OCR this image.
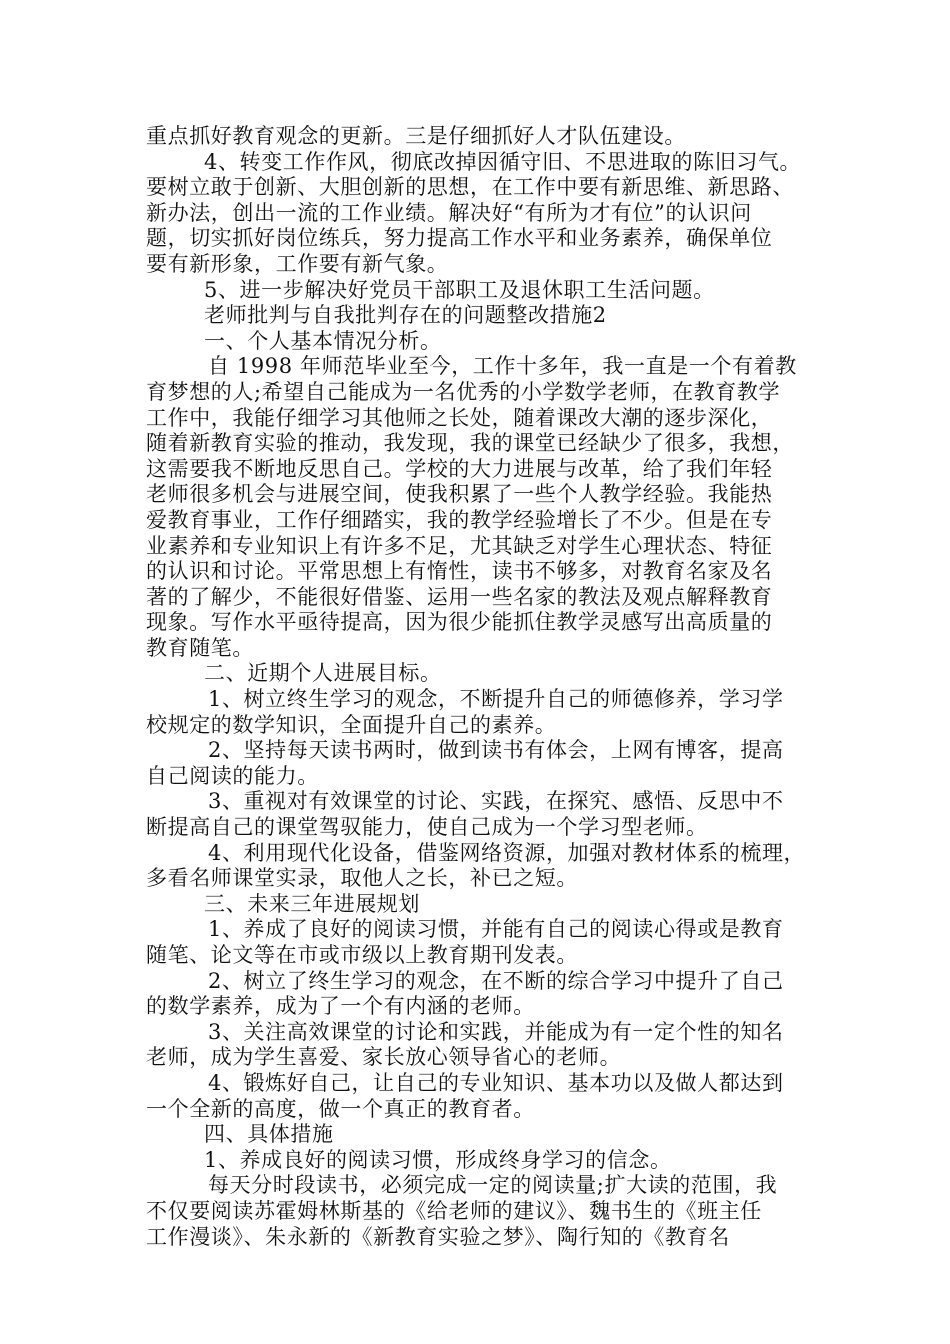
重点抓好教育观念的更新。三是仔细抓好人才队伍建设。
4、转变工作作风，彻底改掉因循守旧、不思进取的陈旧习气。
要树立敢于创新、大胆创新的思想，在工作中要有新思维、新思路、
新办法，创出一流的工作业绩。解决好“有所为才有位”的认识问
题，切实抓好岗位练兵，努力提高工作水平和业务素养，确保单位
要有新形象，工作要有新气象。
5、进一步解决好党员干部职工及退休职工生活问题。
老师批判与自我批判存在的问题整改措施2
一、个人基本情况分析。
自 1998 年师范毕业至今，工作十多年，我一直是一个有着教
育梦想的人;希望自己能成为一名优秀的小学数学老师，在教育教学
工作中，我能仔细学习其他师之长处，随着课改大潮的逐步深化，
随着新教育实验的推动，我发现，我的课堂已经缺少了很多，我想，
这需要我不断地反思自己。学校的大力进展与改革，给了我们年轻
老师很多机会与进展空间，使我积累了一些个人教学经验。我能热
爱教育事业，工作仔细踏实，我的教学经验增长了不少。但是在专
业素养和专业知识上有许多不足，尤其缺乏对学生心理状态、特征
的认识和讨论。平常思想上有惰性，读书不够多，对教育名家及名
著的了解少，不能很好借鉴、运用一些名家的教法及观点解释教育
现象。写作水平亟待提高，因为很少能抓住教学灵感写出高质量的
教育随笔。
二、近期个人进展目标。
1、树立终生学习的观念，不断提升自己的师德修养，学习学
校规定的数学知识，全面提升自己的素养。
2、坚持每天读书两时，做到读书有体会，上网有博客，提高
自己阅读的能力。
3、重视对有效课堂的讨论、实践，在探究、感悟、反思中不
断提高自己的课堂驾驭能力，使自己成为一个学习型老师。
4、利用现代化设备，借鉴网络资源，加强对教材体系的梳理，
多看名师课堂实录，取他人之长，补已之短。
三、未来三年进展规划
1、养成了良好的阅读习惯，并能有自己的阅读心得或是教育
随笔、论文等在市或市级以上教育期刊发表。
2、树立了终生学习的观念，在不断的综合学习中提升了自己
的数学素养，成为了一个有内涵的老师。
3、关注高效课堂的讨论和实践，并能成为有一定个性的知名
老师，成为学生喜爱、家长放心领导省心的老师。
4、锻炼好自己，让自己的专业知识、基本功以及做人都达到
一个全新的高度，做一个真正的教育者。
四、具体措施
1、养成良好的阅读习惯，形成终身学习的信念。
每天分时段读书，必须完成一定的阅读量;扩大读的范围，我
不仅要阅读苏霍姆林斯基的《给老师的建议》、魏书生的《班主任
工作漫谈》、朱永新的《新教育实验之梦》、陶行知的《教育名
